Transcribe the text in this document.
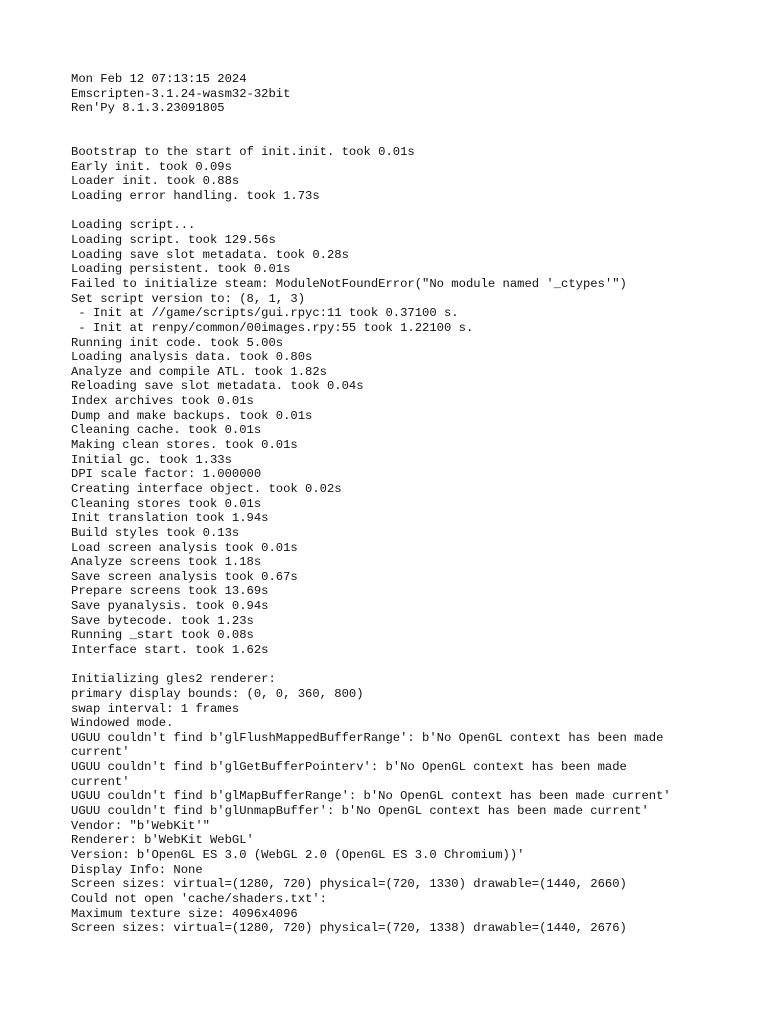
Mon Feb 12 07:13:15 2024
Emscripten-3.1.24-wasm32-32bit
Ren'Py 8.1.3.23091805
Bootstrap to the start of init.init. took 0.01s
Early init. took 0.09s
Loader init. took 0.88s
Loading error handling. took 1.73s
Loading script...
Loading script. took 129.56s
Loading save slot metadata. took 0.28s
Loading persistent. took 0.01s
Failed to initialize steam: ModuleNotFoundError("No module named '_ctypes'")
Set script version to: (8, 1, 3)
- Init at //game/scripts/gui.rpyc:11 took 0.37100 s.
- Init at renpy/common/00images.rpy:55 took 1.22100 s.
Running init code. took 5.00s
Loading analysis data. took 0.80s
Analyze and compile ATL. took 1.82s
Reloading save slot metadata. took 0.04s
Index archives took 0.01s
Dump and make backups. took 0.01s
Cleaning cache. took 0.01s
Making clean stores. took 0.01s
Initial gc. took 1.33s
DPI scale factor: 1.000000
Creating interface object. took 0.02s
Cleaning stores took 0.01s
Init translation took 1.94s
Build styles took 0.13s
Load screen analysis took 0.01s
Analyze screens took 1.18s
Save screen analysis took 0.67s
Prepare screens took 13.69s
Save pyanalysis. took 0.94s
Save bytecode. took 1.23s
Running _start took 0.08s
Interface start. took 1.62s
Initializing gles2 renderer:
primary display bounds: (0, 0, 360, 800)
swap interval: 1 frames
Windowed mode.
UGUU couldn't find b'glFlushMappedBufferRange': b'No OpenGL context has been made
current'
UGUU couldn't find b'glGetBufferPointerv': b'No OpenGL context has been made
current'
UGUU couldn't find b'glMapBufferRange': b'No OpenGL context has been made current'
UGUU couldn't find b'glUnmapBuffer': b'No OpenGL context has been made current'
Vendor: "b'WebKit'"
Renderer: b'WebKit WebGL'
Version: b'OpenGL ES 3.0 (WebGL 2.0 (OpenGL ES 3.0 Chromium))'
Display Info: None
Screen sizes: virtual=(1280, 720) physical=(720, 1330) drawable=(1440, 2660)
Could not open 'cache/shaders.txt':
Maximum texture size: 4096x4096
Screen sizes: virtual=(1280, 720) physical=(720, 1338) drawable=(1440, 2676)
